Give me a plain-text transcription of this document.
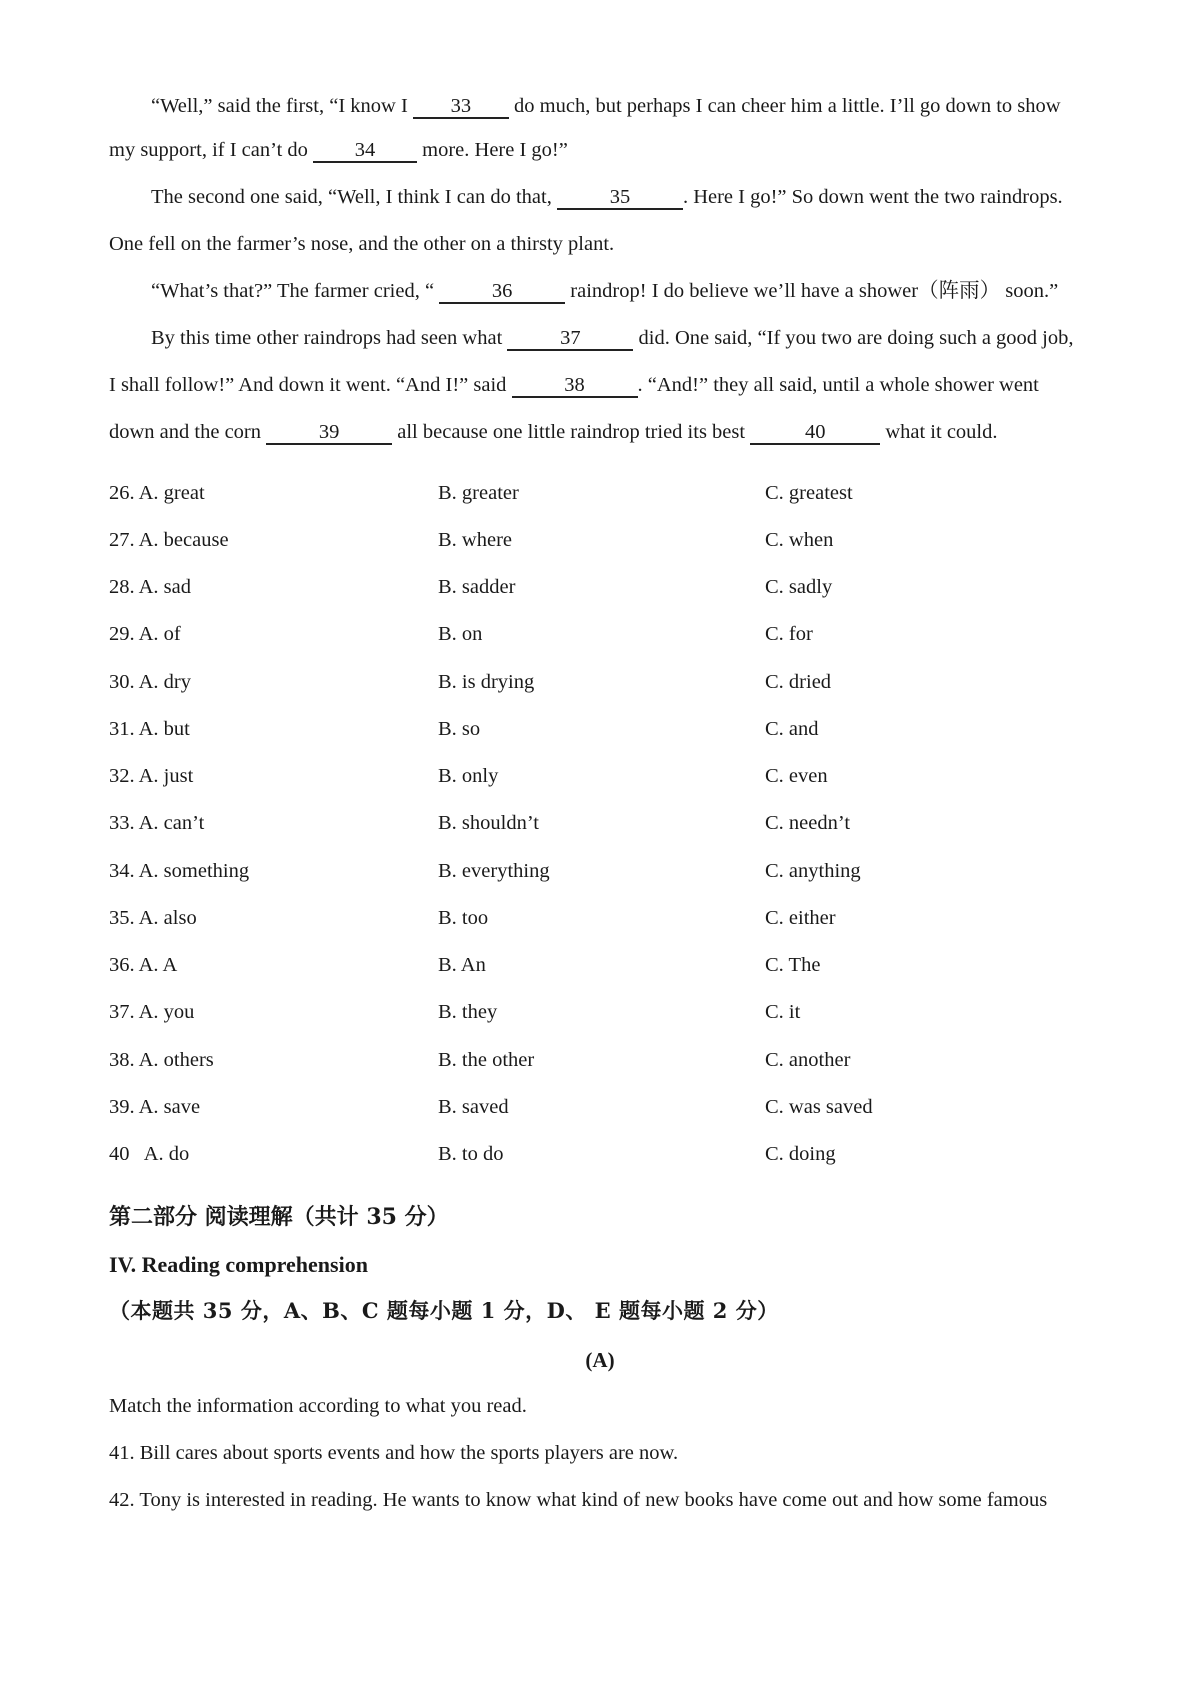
“Well,” said the first, “I know I 33 do much, but perhaps I can cheer him a little. I’ll go down to show
my support, if I can’t do 34 more. Here I go!”
The second one said, “Well, I think I can do that,	35	. Here I go!” So down went the two raindrops.
One fell on the farmer’s nose, and the other on a thirsty plant.
“What’s that?” The farmer cried, “	36	raindrop! I do believe we’ll have a shower（阵雨） soon.”
By this time other raindrops had seen what	37	did. One said, “If you two are doing such a good job,
I shall follow!” And down it went. “And I!” said	38	. “And!” they all said, until a whole shower went
down and the corn	39	all because one little raindrop tried its best	40	what it could.
26. A. great	B. greater	C. greatest
27. A. because	B. where	C. when
28. A. sad	B. sadder	C. sadly
29. A. of	B. on	C. for
30. A. dry	B. is drying	C. dried
31. A. but	B. so	C. and
32. A. just	B. only	C. even
33. A. can’t	B. shouldn’t	C. needn’t
34. A. something	B. everything	C. anything
35. A. also	B. too	C. either
36. A. A	B. An	C. The
37. A. you	B. they	C. it
38. A. others	B. the other	C. another
39. A. save	B. saved	C. was saved
40   A. do	B. to do	C. doing
第二部分 阅读理解（共计 35 分）
IV. Reading comprehension
（本题共 35 分，A、B、C 题每小题 1 分，D、 E 题每小题 2 分）
(A)
Match the information according to what you read.
41. Bill cares about sports events and how the sports players are now.
42. Tony is interested in reading. He wants to know what kind of new books have come out and how some famous
